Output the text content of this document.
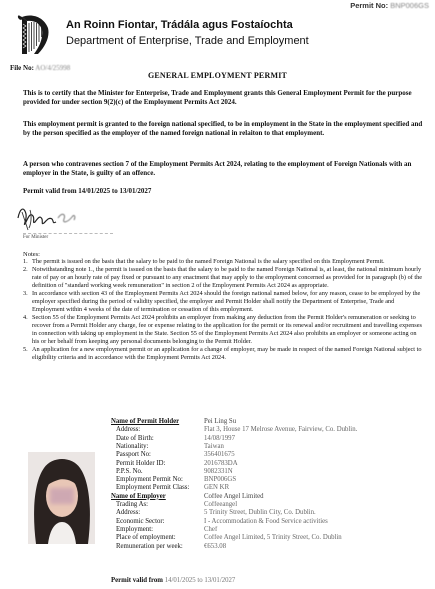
Permit No: BNP006GS
An Roinn Fiontar, Trádála agus Fostaíochta
Department of Enterprise, Trade and Employment
File No: AO/4/25998
GENERAL EMPLOYMENT PERMIT
This is to certify that the Minister for Enterprise, Trade and Employment grants this General Employment Permit for the purpose provided for under section 9(2)(c) of the Employment Permits Act 2024.
This employment permit is granted to the foreign national specified, to be in employment in the State in the employment specified and by the person specified as the employer of the named foreign national in relaiton to that employment.
A person who contravenes section 7 of the Employment Permits Act 2024, relating to the employment of Foreign Nationals with an employer in the State, is guilty of an offence.
Permit valid from 14/01/2025 to 13/01/2027
For Minister
Notes:
1. The permit is issued on the basis that the salary to be paid to the named Foreign National is the salary specified on this Employment Permit.
2. Notwithstanding note 1., the permit is issued on the basis that the salary to be paid to the named Foreign National is, at least, the national minimum hourly rate of pay or an hourly rate of pay fixed or pursuant to any enactment that may apply to the employment concerned as provided for in paragraph (b) of the definition of "standard working week remuneration" in section 2 of the Employment Permits Act 2024 as appropriate.
3. In accordance with section 43 of the Employment Permits Act 2024 should the foreign national named below, for any reason, cease to be employed by the employer specified during the period of validity specified, the employer and Permit Holder shall notify the Department of Enterprise, Trade and Employment within 4 weeks of the date of termination or cessation of this employment.
4. Section 55 of the Employment Permits Act 2024 prohibits an employer from making any deduction from the Permit Holder's remuneration or seeking to recover from a Permit Holder any charge, fee or expense relating to the application for the permit or its renewal and/or recruitment and travelling expenses in connection with taking up employment in the State. Section 55 of the Employment Permits Act 2024 also prohibits an employer or someone acting on his or her behalf from keeping any personal documents belonging to the Permit Holder.
5. An application for a new employment permit or an application for a change of employer, may be made in respect of the named Foreign National subject to eligibility criteria and in accordance with the Employment Permits Act 2024.
Name of Permit Holder	Pei Ling Su
Address:	Flat 3, House 17 Melrose Avenue, Fairview, Co. Dublin.
Date of Birth:	14/08/1997
Nationality:	Taiwan
Passport No:	356401675
Permit Holder ID:	2016783DA
P.P.S. No.	9082331N
Employment Permit No:	BNP006GS
Employment Permit Class: GEN KR
Name of Employer	Coffee Angel Limited
Trading As:	Coffeeangel
Address:	5 Trinity Street, Dublin City, Co. Dublin.
Economic Sector:	I - Accommodation & Food Service activities
Employment:	Chef
Place of employment:	Coffee Angel Limited, 5 Trinity Street, Co. Dublin
Remuneration per week:	€653.08
Permit valid from 14/01/2025 to 13/01/2027
